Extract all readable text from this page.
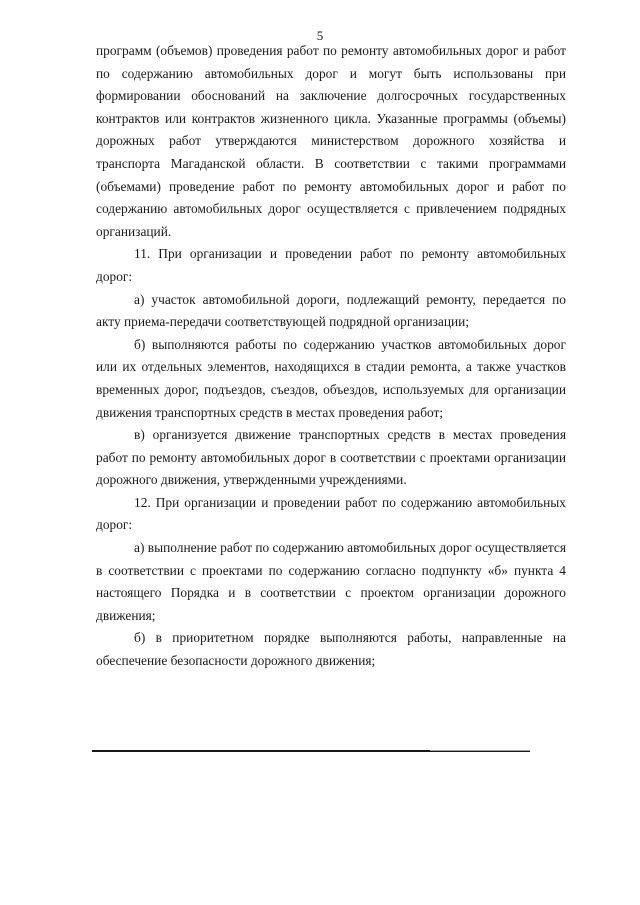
5

программ (объемов) проведения работ по ремонту автомобильных дорог и работ по содержанию автомобильных дорог и могут быть использованы при формировании обоснований на заключение долгосрочных государственных контрактов или контрактов жизненного цикла. Указанные программы (объемы) дорожных работ утверждаются министерством дорожного хозяйства и транспорта Магаданской области. В соответствии с такими программами (объемами) проведение работ по ремонту автомобильных дорог и работ по содержанию автомобильных дорог осуществляется с привлечением подрядных организаций.

11. При организации и проведении работ по ремонту автомобильных дорог:

а) участок автомобильной дороги, подлежащий ремонту, передается по акту приема-передачи соответствующей подрядной организации;

б) выполняются работы по содержанию участков автомобильных дорог или их отдельных элементов, находящихся в стадии ремонта, а также участков временных дорог, подъездов, съездов, объездов, используемых для организации движения транспортных средств в местах проведения работ;

в) организуется движение транспортных средств в местах проведения работ по ремонту автомобильных дорог в соответствии с проектами организации дорожного движения, утвержденными учреждениями.

12. При организации и проведении работ по содержанию автомобильных дорог:

а) выполнение работ по содержанию автомобильных дорог осуществляется в соответствии с проектами по содержанию согласно подпункту «б» пункта 4 настоящего Порядка и в соответствии с проектом организации дорожного движения;

б) в приоритетном порядке выполняются работы, направленные на обеспечение безопасности дорожного движения;
